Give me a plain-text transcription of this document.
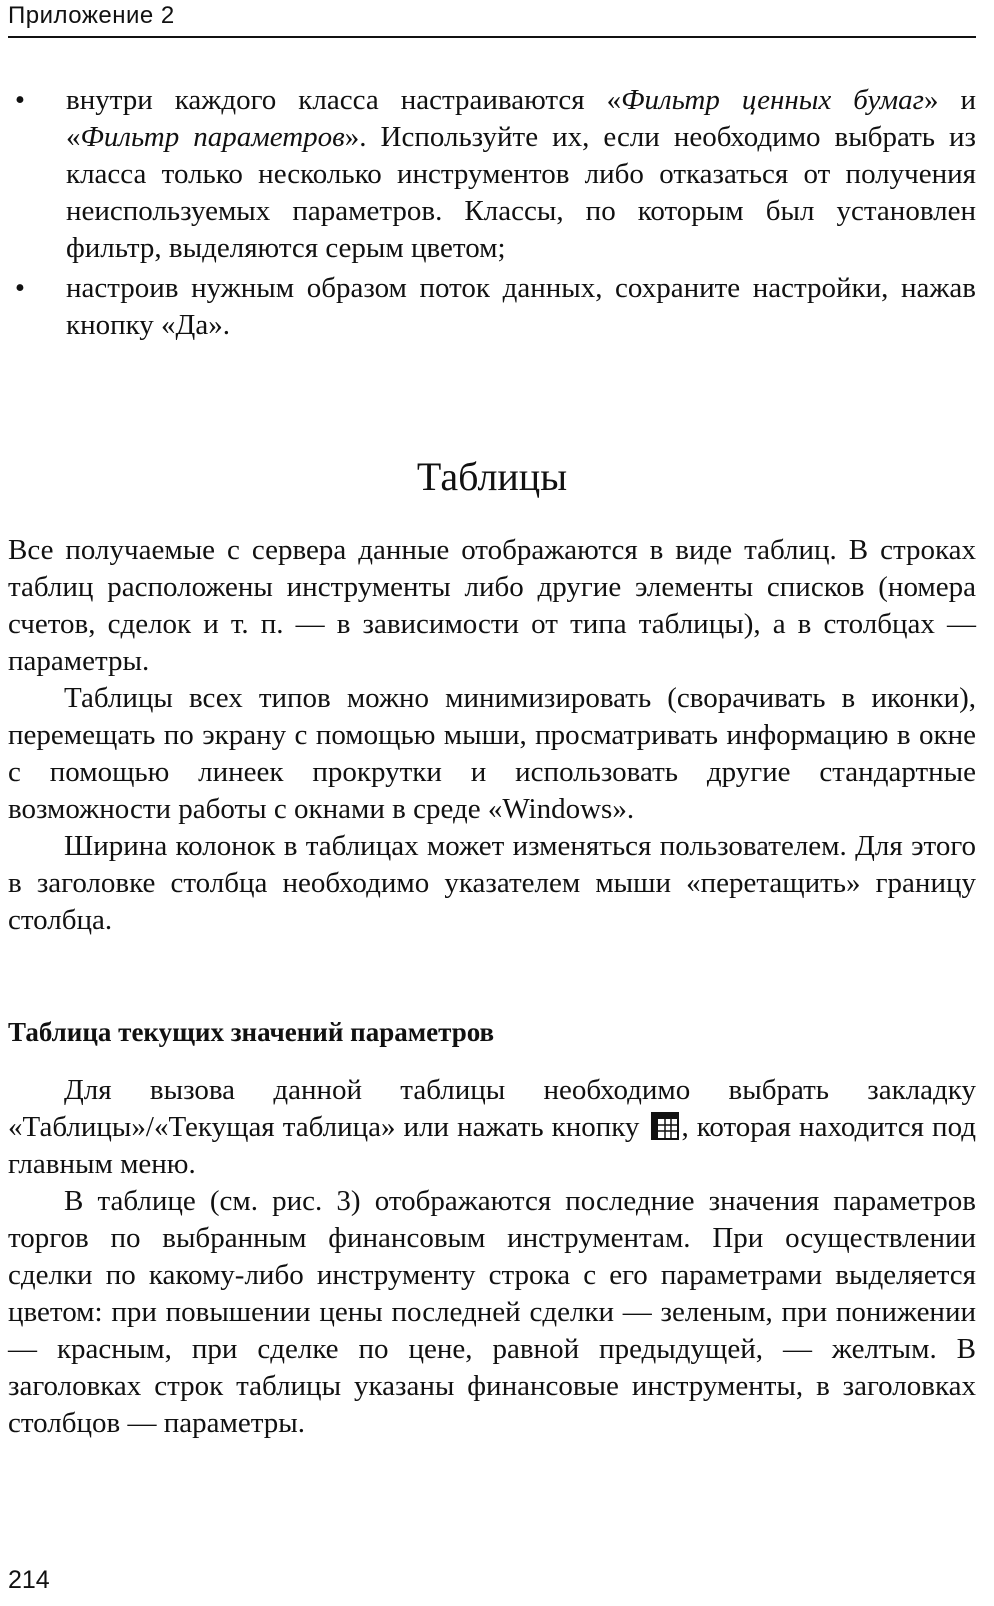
Приложение 2
• внутри каждого класса настраиваются «Фильтр ценных бумаг» и «Фильтр параметров». Используйте их, если необходимо выбрать из класса только несколько инструментов либо отказаться от получения неиспользуемых параметров. Классы, по которым был установлен фильтр, выделяются серым цветом;
• настроив нужным образом поток данных, сохраните настройки, нажав кнопку «Да».
Таблицы

Все получаемые с сервера данные отображаются в виде таблиц. В строках таблиц расположены инструменты либо другие элементы списков (номера счетов, сделок и т. п. — в зависимости от типа таблицы), а в столбцах — параметры.

Таблицы всех типов можно минимизировать (сворачивать в иконки), перемещать по экрану с помощью мыши, просматривать информацию в окне с помощью линеек прокрутки и использовать другие стандартные возможности работы с окнами в среде «Windows».

Ширина колонок в таблицах может изменяться пользователем. Для этого в заголовке столбца необходимо указателем мыши «перетащить» границу столбца.

Таблица текущих значений параметров

Для вызова данной таблицы необходимо выбрать закладку «Таблицы»/«Текущая таблица» или нажать кнопку
, которая находится под главным меню.

В таблице (см. рис. 3) отображаются последние значения параметров торгов по выбранным финансовым инструментам. При осуществлении сделки по какому-либо инструменту строка с его параметрами выделяется цветом: при повышении цены последней сделки — зеленым, при понижении — красным, при сделке по цене, равной предыдущей, — желтым. В заголовках строк таблицы указаны финансовые инструменты, в заголовках столбцов — параметры.

214
